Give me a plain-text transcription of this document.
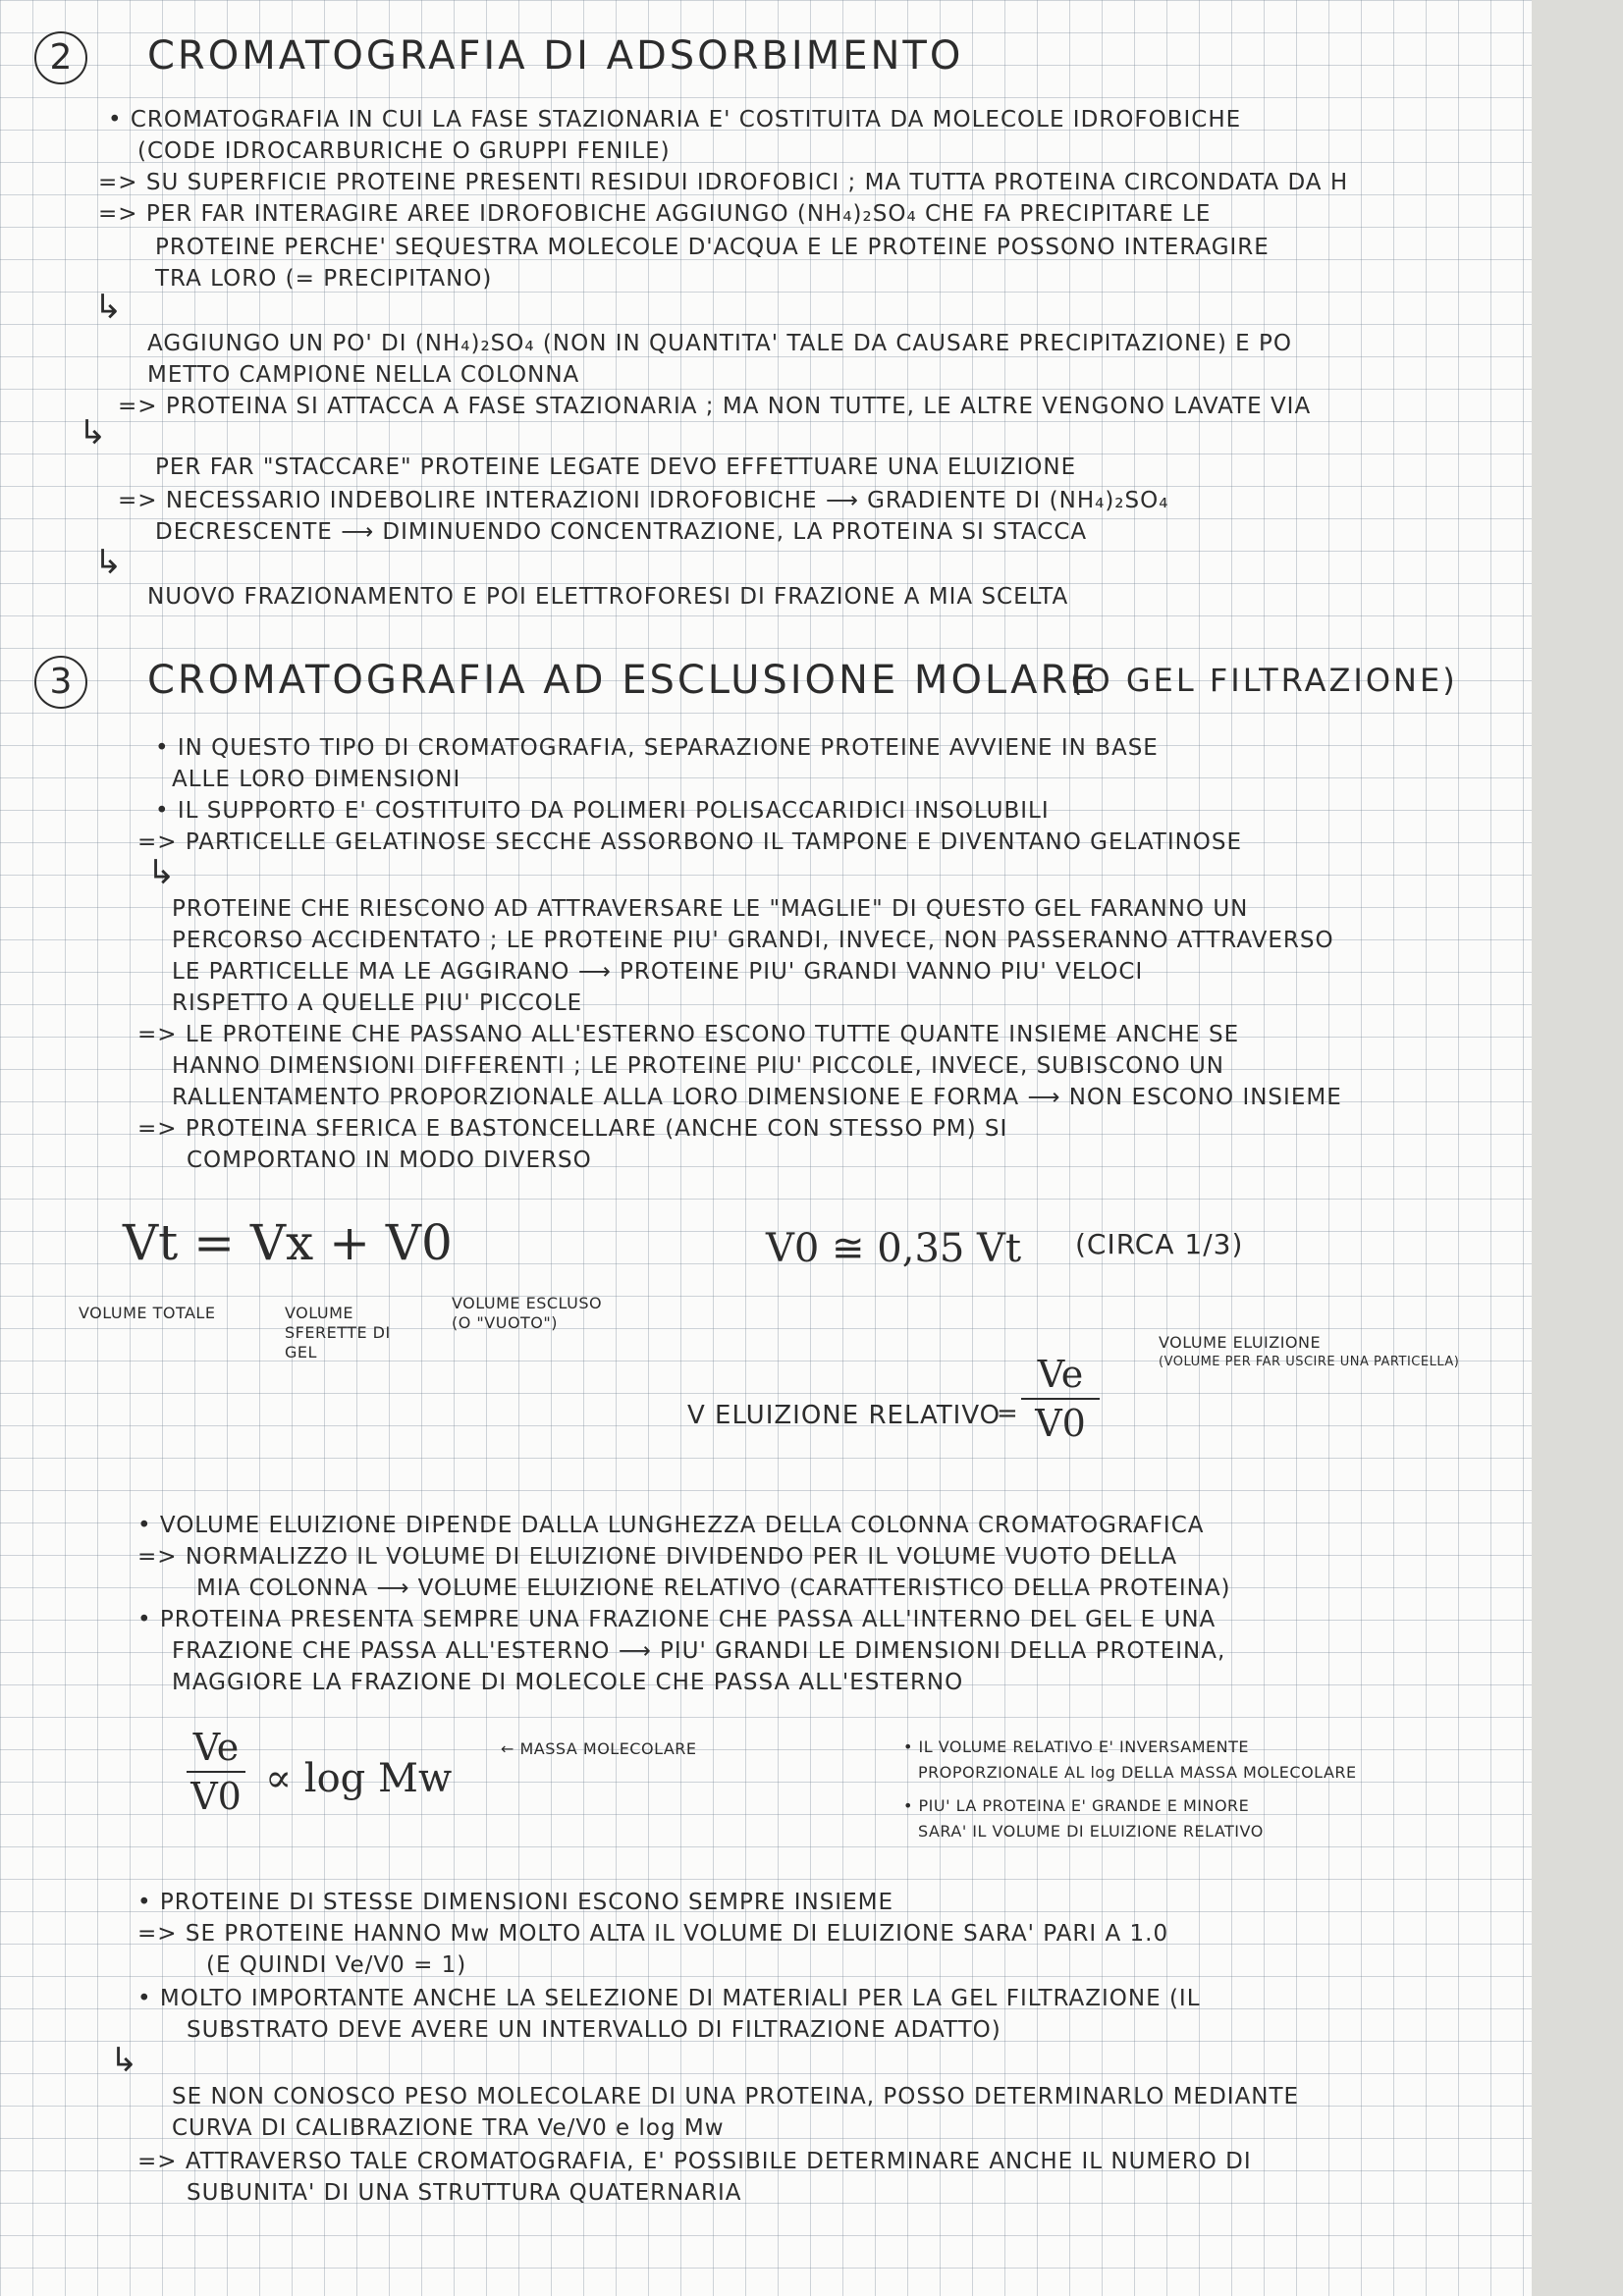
2	CROMATOGRAFIA DI ADSORBIMENTO
• CROMATOGRAFIA IN CUI LA FASE STAZIONARIA E' COSTITUITA DA MOLECOLE IDROFOBICHE
(CODE IDROCARBURICHE O GRUPPI FENILE)
=> SU SUPERFICIE PROTEINE PRESENTI RESIDUI IDROFOBICI ; MA TUTTA PROTEINA CIRCONDATA DA H
=> PER FAR INTERAGIRE AREE IDROFOBICHE AGGIUNGO (NH₄)₂SO₄ CHE FA PRECIPITARE LE
PROTEINE PERCHE' SEQUESTRA MOLECOLE D'ACQUA E LE PROTEINE POSSONO INTERAGIRE
TRA LORO (= PRECIPITANO)
↳
AGGIUNGO UN PO' DI (NH₄)₂SO₄ (NON IN QUANTITA' TALE DA CAUSARE PRECIPITAZIONE) E PO
METTO CAMPIONE NELLA COLONNA
=> PROTEINA SI ATTACCA A FASE STAZIONARIA ; MA NON TUTTE, LE ALTRE VENGONO LAVATE VIA
↳
PER FAR "STACCARE" PROTEINE LEGATE DEVO EFFETTUARE UNA ELUIZIONE
=> NECESSARIO INDEBOLIRE INTERAZIONI IDROFOBICHE ⟶ GRADIENTE DI (NH₄)₂SO₄
DECRESCENTE ⟶ DIMINUENDO CONCENTRAZIONE, LA PROTEINA SI STACCA
↳
NUOVO FRAZIONAMENTO E POI ELETTROFORESI DI FRAZIONE A MIA SCELTA
3	CROMATOGRAFIA AD ESCLUSIONE MOLARE
(O GEL FILTRAZIONE)
• IN QUESTO TIPO DI CROMATOGRAFIA, SEPARAZIONE PROTEINE AVVIENE IN BASE
ALLE LORO DIMENSIONI
• IL SUPPORTO E' COSTITUITO DA POLIMERI POLISACCARIDICI INSOLUBILI
=> PARTICELLE GELATINOSE SECCHE ASSORBONO IL TAMPONE E DIVENTANO GELATINOSE
↳
PROTEINE CHE RIESCONO AD ATTRAVERSARE LE "MAGLIE" DI QUESTO GEL FARANNO UN
PERCORSO ACCIDENTATO ; LE PROTEINE PIU' GRANDI, INVECE, NON PASSERANNO ATTRAVERSO
LE PARTICELLE MA LE AGGIRANO ⟶ PROTEINE PIU' GRANDI VANNO PIU' VELOCI
RISPETTO A QUELLE PIU' PICCOLE
=> LE PROTEINE CHE PASSANO ALL'ESTERNO ESCONO TUTTE QUANTE INSIEME ANCHE SE
HANNO DIMENSIONI DIFFERENTI ; LE PROTEINE PIU' PICCOLE, INVECE, SUBISCONO UN
RALLENTAMENTO PROPORZIONALE ALLA LORO DIMENSIONE E FORMA ⟶ NON ESCONO INSIEME
=> PROTEINA SFERICA E BASTONCELLARE (ANCHE CON STESSO PM) SI
COMPORTANO IN MODO DIVERSO
Vt = Vx + V0
VOLUME TOTALE	VOLUME SFERETTE DI GEL
VOLUME ESCLUSO (O "VUOTO")
V0 ≅ 0,35 Vt (CIRCA 1/3)
V ELUIZIONE RELATIVO
=
Ve
V0
VOLUME ELUIZIONE
(VOLUME PER FAR USCIRE UNA PARTICELLA)
• VOLUME ELUIZIONE DIPENDE DALLA LUNGHEZZA DELLA COLONNA CROMATOGRAFICA
=> NORMALIZZO IL VOLUME DI ELUIZIONE DIVIDENDO PER IL VOLUME VUOTO DELLA
MIA COLONNA ⟶ VOLUME ELUIZIONE RELATIVO (CARATTERISTICO DELLA PROTEINA)
• PROTEINA PRESENTA SEMPRE UNA FRAZIONE CHE PASSA ALL'INTERNO DEL GEL E UNA
FRAZIONE CHE PASSA ALL'ESTERNO ⟶ PIU' GRANDI LE DIMENSIONI DELLA PROTEINA,
MAGGIORE LA FRAZIONE DI MOLECOLE CHE PASSA ALL'ESTERNO
Ve
V0 ∝ log Mw
← MASSA MOLECOLARE	• IL VOLUME RELATIVO E' INVERSAMENTE
PROPORZIONALE AL log DELLA MASSA MOLECOLARE
• PIU' LA PROTEINA E' GRANDE E MINORE
SARA' IL VOLUME DI ELUIZIONE RELATIVO
• PROTEINE DI STESSE DIMENSIONI ESCONO SEMPRE INSIEME
=> SE PROTEINE HANNO Mw MOLTO ALTA IL VOLUME DI ELUIZIONE SARA' PARI A 1.0
(E QUINDI Ve/V0 = 1)
• MOLTO IMPORTANTE ANCHE LA SELEZIONE DI MATERIALI PER LA GEL FILTRAZIONE (IL
SUBSTRATO DEVE AVERE UN INTERVALLO DI FILTRAZIONE ADATTO)
↳
SE NON CONOSCO PESO MOLECOLARE DI UNA PROTEINA, POSSO DETERMINARLO MEDIANTE
CURVA DI CALIBRAZIONE TRA Ve/V0 e log Mw
=> ATTRAVERSO TALE CROMATOGRAFIA, E' POSSIBILE DETERMINARE ANCHE IL NUMERO DI
SUBUNITA' DI UNA STRUTTURA QUATERNARIA
